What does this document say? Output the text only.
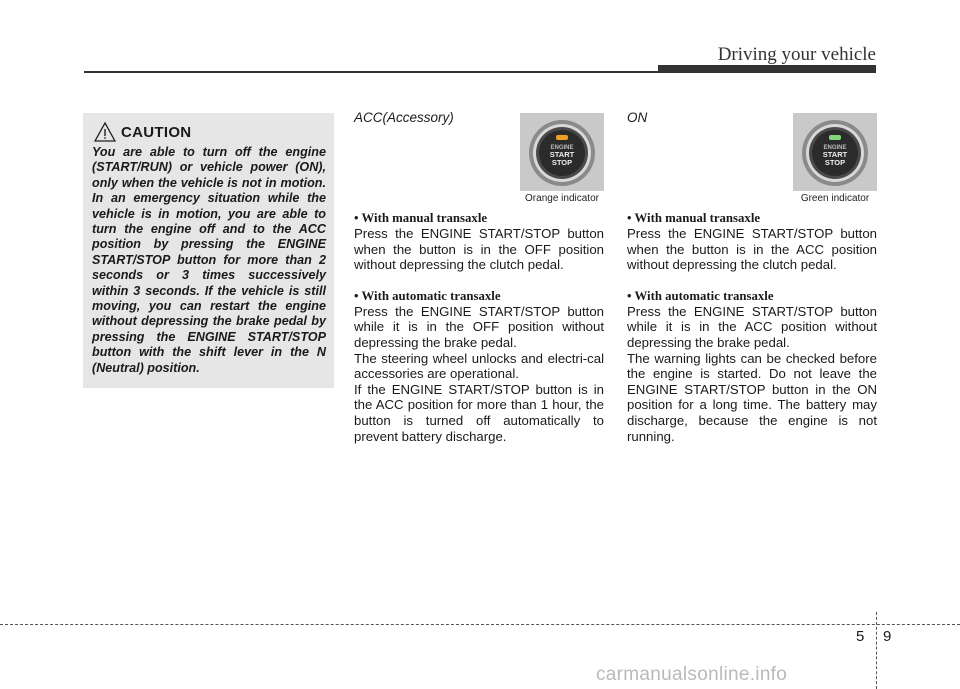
Driving your vehicle
CAUTION

You are able to turn off the engine (START/RUN) or vehicle power (ON), only when the vehicle is not in motion. In an emergency situation while the vehicle is in motion, you are able to turn the engine off and to the ACC position by pressing the ENGINE START/STOP button for more than 2 seconds or 3 times successively within 3 seconds. If the vehicle is still moving, you can restart the engine without depressing the brake pedal by pressing the ENGINE START/STOP button with the shift lever in the N (Neutral) position.

ACC(Accessory)

ENGINE
START
STOP
Orange indicator

• With manual transaxle

Press the ENGINE START/STOP button when the button is in the OFF position without depressing the clutch pedal.

• With automatic transaxle

Press the ENGINE START/STOP button while it is in the OFF position without depressing the brake pedal.

The steering wheel unlocks and electri-cal accessories are operational.

If the ENGINE START/STOP button is in the ACC position for more than 1 hour, the button is turned off automatically to prevent battery discharge.

ON

ENGINE
START
STOP
Green indicator

• With manual transaxle

Press the ENGINE START/STOP button when the button is in the ACC position without depressing the clutch pedal.

• With automatic transaxle

Press the ENGINE START/STOP button while it is in the ACC position without depressing the brake pedal.

The warning lights can be checked before the engine is started. Do not leave the ENGINE START/STOP button in the ON position for a long time. The battery may discharge, because the engine is not running.

5 9
carmanualsonline.info
